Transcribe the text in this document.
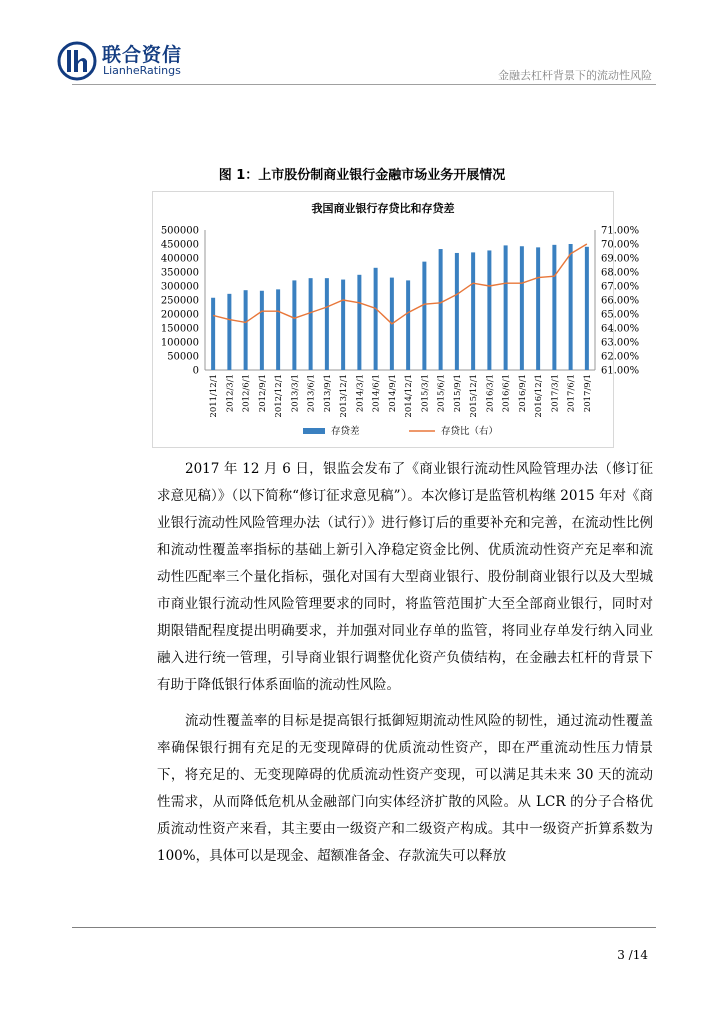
联合资信
LianheRatings	金融去杠杆背景下的流动性风险
图 1：上市股份制商业银行金融市场业务开展情况
我国商业银行存贷比和存贷差
500000
450000
400000
350000
300000
250000
200000
150000
100000
50000
0
71.00%
70.00%
69.00%
68.00%
67.00%
66.00%
65.00%
64.00%
63.00%
62.00%
61.00%
2011/12/1 2012/3/1 2012/6/1 2012/9/1 2012/12/1 2013/3/1 2013/6/1 2013/9/1 2013/12/1 2014/3/1 2014/6/1 2014/9/1 2014/12/1 2015/3/1 2015/6/1 2015/9/1 2015/12/1 2016/3/1 2016/6/1 2016/9/1 2016/12/1 2017/3/1 2017/6/1 2017/9/1
存贷差	存贷比（右）

2017 年 12 月 6 日，银监会发布了《商业银行流动性风险管理办法（修订征求意见稿）》（以下简称“修订征求意见稿”）。本次修订是监管机构继 2015 年对《商业银行流动性风险管理办法（试行）》进行修订后的重要补充和完善，在流动性比例和流动性覆盖率指标的基础上新引入净稳定资金比例、优质流动性资产充足率和流动性匹配率三个量化指标，强化对国有大型商业银行、股份制商业银行以及大型城市商业银行流动性风险管理要求的同时，将监管范围扩大至全部商业银行，同时对期限错配程度提出明确要求，并加强对同业存单的监管，将同业存单发行纳入同业融入进行统一管理，引导商业银行调整优化资产负债结构，在金融去杠杆的背景下有助于降低银行体系面临的流动性风险。

流动性覆盖率的目标是提高银行抵御短期流动性风险的韧性，通过流动性覆盖率确保银行拥有充足的无变现障碍的优质流动性资产，即在严重流动性压力情景下，将充足的、无变现障碍的优质流动性资产变现，可以满足其未来 30 天的流动性需求，从而降低危机从金融部门向实体经济扩散的风险。从 LCR 的分子合格优质流动性资产来看，其主要由一级资产和二级资产构成。其中一级资产折算系数为 100%，具体可以是现金、超额准备金、存款流失可以释放

3 /14
